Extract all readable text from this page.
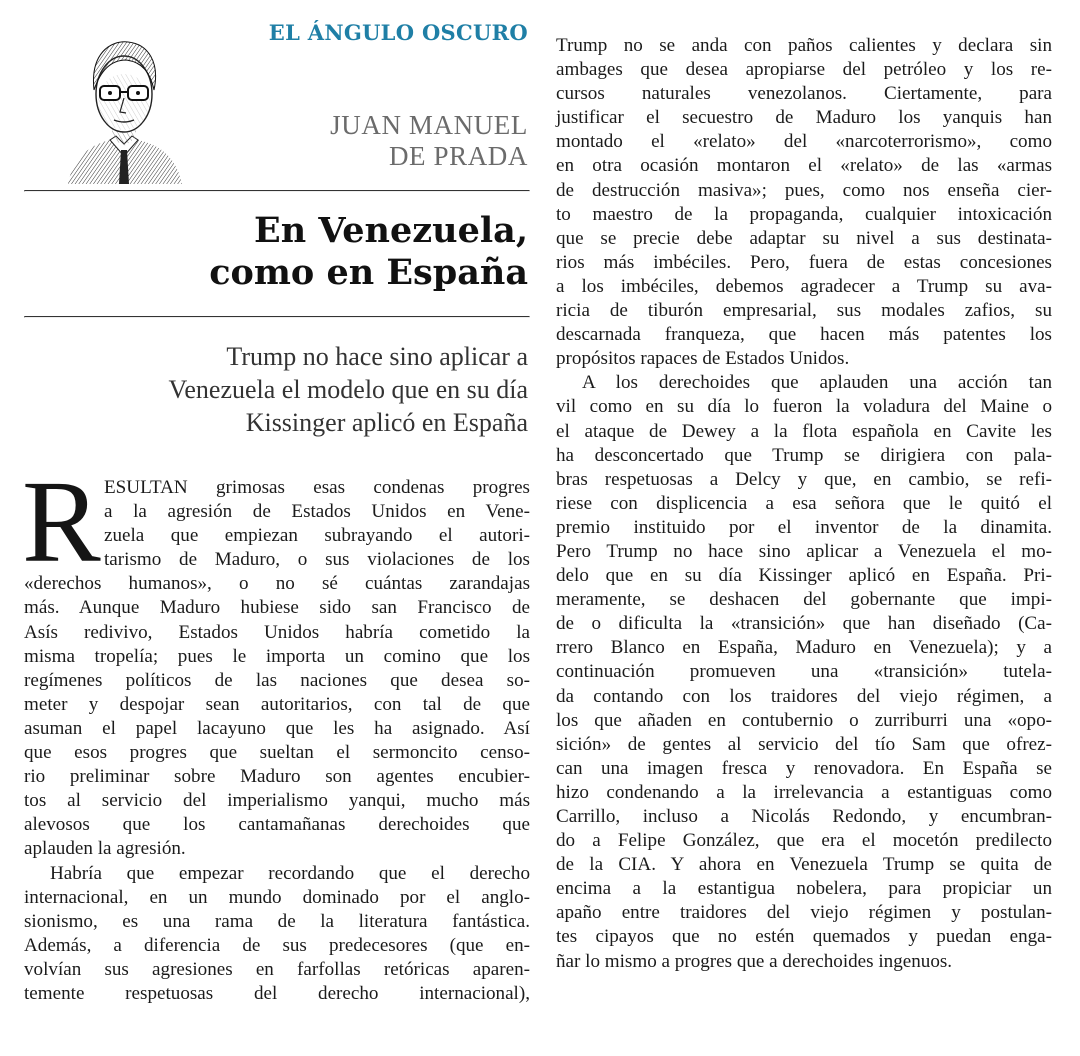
EL ÁNGULO OSCURO
JUAN MANUEL
DE PRADA
En Venezuela,
como en España
Trump no hace sino aplicar a
Venezuela el modelo que en su día
Kissinger aplicó en España
R ESULTAN grimosas esas condenas progres
a la agresión de Estados Unidos en Vene-
zuela que empiezan subrayando el autori-
tarismo de Maduro, o sus violaciones de los
«derechos humanos», o no sé cuántas zarandajas
más. Aunque Maduro hubiese sido san Francisco de
Asís redivivo, Estados Unidos habría cometido la
misma tropelía; pues le importa un comino que los
regímenes políticos de las naciones que desea so-
meter y despojar sean autoritarios, con tal de que
asuman el papel lacayuno que les ha asignado. Así
que esos progres que sueltan el sermoncito censo-
rio preliminar sobre Maduro son agentes encubier-
tos al servicio del imperialismo yanqui, mucho más
alevosos que los cantamañanas derechoides que
aplauden la agresión.
Habría que empezar recordando que el derecho
internacional, en un mundo dominado por el anglo-
sionismo, es una rama de la literatura fantástica.
Además, a diferencia de sus predecesores (que en-
volvían sus agresiones en farfollas retóricas aparen-
temente respetuosas del derecho internacional),
Trump no se anda con paños calientes y declara sin
ambages que desea apropiarse del petróleo y los re-
cursos naturales venezolanos. Ciertamente, para
justificar el secuestro de Maduro los yanquis han
montado el «relato» del «narcoterrorismo», como
en otra ocasión montaron el «relato» de las «armas
de destrucción masiva»; pues, como nos enseña cier-
to maestro de la propaganda, cualquier intoxicación
que se precie debe adaptar su nivel a sus destinata-
rios más imbéciles. Pero, fuera de estas concesiones
a los imbéciles, debemos agradecer a Trump su ava-
ricia de tiburón empresarial, sus modales zafios, su
descarnada franqueza, que hacen más patentes los
propósitos rapaces de Estados Unidos.
A los derechoides que aplauden una acción tan
vil como en su día lo fueron la voladura del Maine o
el ataque de Dewey a la flota española en Cavite les
ha desconcertado que Trump se dirigiera con pala-
bras respetuosas a Delcy y que, en cambio, se refi-
riese con displicencia a esa señora que le quitó el
premio instituido por el inventor de la dinamita.
Pero Trump no hace sino aplicar a Venezuela el mo-
delo que en su día Kissinger aplicó en España. Pri-
meramente, se deshacen del gobernante que impi-
de o dificulta la «transición» que han diseñado (Ca-
rrero Blanco en España, Maduro en Venezuela); y a
continuación promueven una «transición» tutela-
da contando con los traidores del viejo régimen, a
los que añaden en contubernio o zurriburri una «opo-
sición» de gentes al servicio del tío Sam que ofrez-
can una imagen fresca y renovadora. En España se
hizo condenando a la irrelevancia a estantiguas como
Carrillo, incluso a Nicolás Redondo, y encumbran-
do a Felipe González, que era el mocetón predilecto
de la CIA. Y ahora en Venezuela Trump se quita de
encima a la estantigua nobelera, para propiciar un
apaño entre traidores del viejo régimen y postulan-
tes cipayos que no estén quemados y puedan enga-
ñar lo mismo a progres que a derechoides ingenuos.
